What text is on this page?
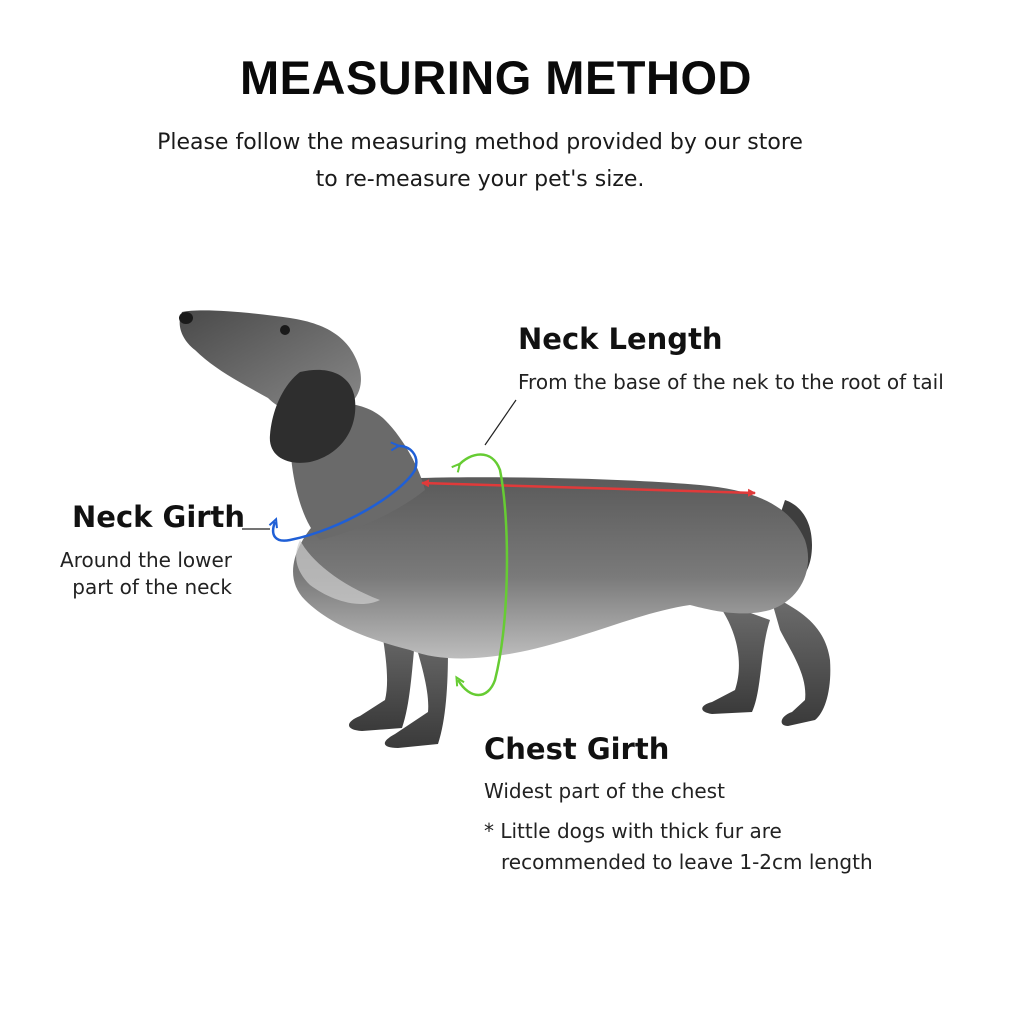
MEASURING METHOD
Please follow the measuring method provided by our store
to re-measure your pet's size.
Neck Length
From the base of the nek to the root of tail
Neck Girth
Around the lower
part of the neck
Chest Girth
Widest part of the chest
* Little dogs with thick fur are
recommended to leave 1-2cm length
